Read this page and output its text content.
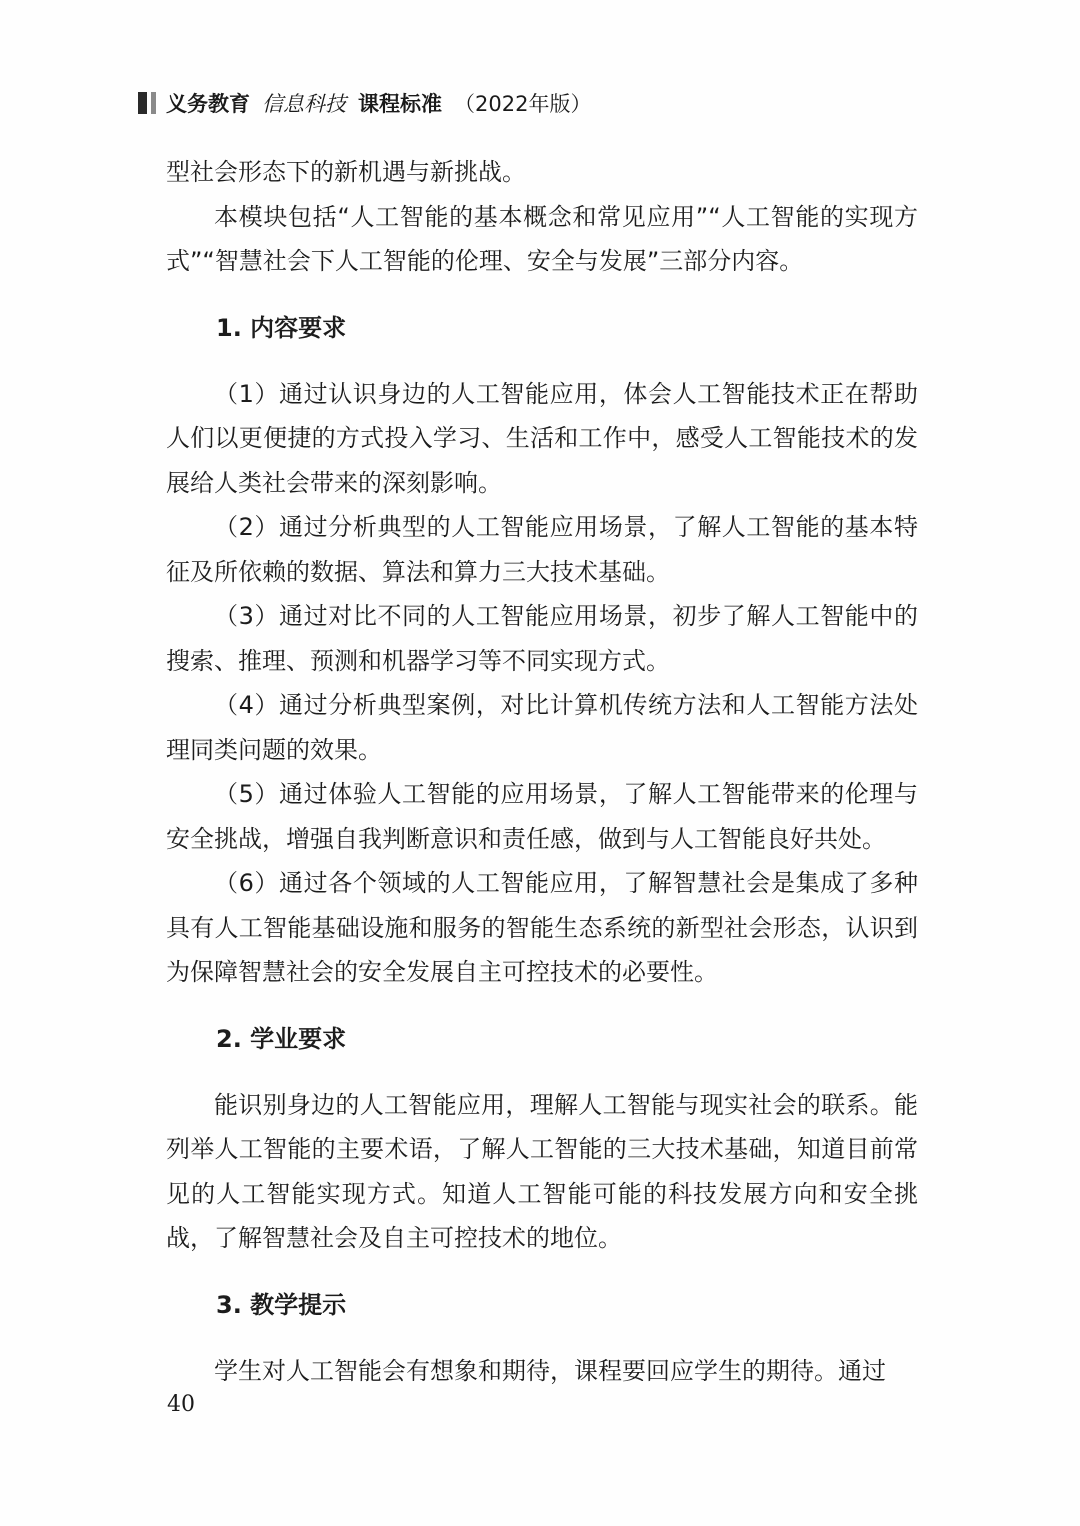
义务教育 信息科技 课程标准 （2022年版）

型社会形态下的新机遇与新挑战。

本模块包括“人工智能的基本概念和常见应用”“人工智能的实现方式”“智慧社会下人工智能的伦理、安全与发展”三部分内容。

1. 内容要求

（1）通过认识身边的人工智能应用，体会人工智能技术正在帮助人们以更便捷的方式投入学习、生活和工作中，感受人工智能技术的发展给人类社会带来的深刻影响。

（2）通过分析典型的人工智能应用场景，了解人工智能的基本特征及所依赖的数据、算法和算力三大技术基础。

（3）通过对比不同的人工智能应用场景，初步了解人工智能中的搜索、推理、预测和机器学习等不同实现方式。

（4）通过分析典型案例，对比计算机传统方法和人工智能方法处理同类问题的效果。

（5）通过体验人工智能的应用场景，了解人工智能带来的伦理与安全挑战，增强自我判断意识和责任感，做到与人工智能良好共处。

（6）通过各个领域的人工智能应用，了解智慧社会是集成了多种具有人工智能基础设施和服务的智能生态系统的新型社会形态，认识到为保障智慧社会的安全发展自主可控技术的必要性。

2. 学业要求

能识别身边的人工智能应用，理解人工智能与现实社会的联系。能列举人工智能的主要术语，了解人工智能的三大技术基础，知道目前常见的人工智能实现方式。知道人工智能可能的科技发展方向和安全挑战，了解智慧社会及自主可控技术的地位。

3. 教学提示

学生对人工智能会有想象和期待，课程要回应学生的期待。通过

40
